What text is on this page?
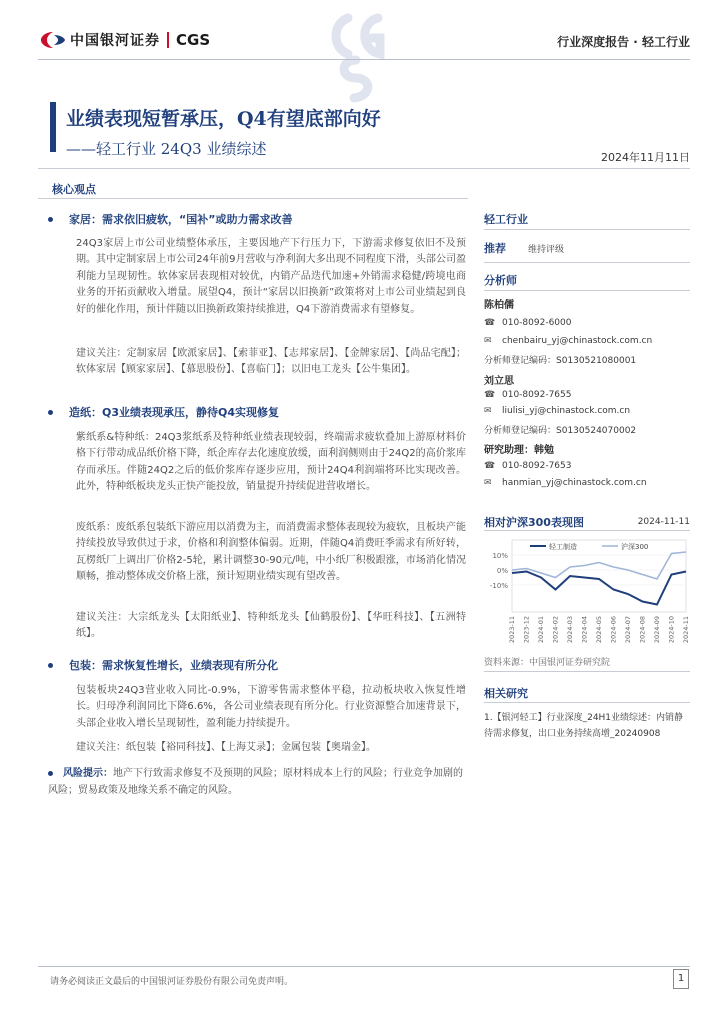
中国银河证券 CGS	行业深度报告 · 轻工行业
业绩表现短暂承压，Q4有望底部向好
——轻工行业 24Q3 业绩综述	2024年11月11日
核心观点
家居：需求依旧疲软，“国补”或助力需求改善
24Q3家居上市公司业绩整体承压，主要因地产下行压力下，下游需求修复依旧不及预期。其中定制家居上市公司24年前9月营收与净利润大多出现不同程度下滑，头部公司盈利能力呈现韧性。软体家居表现相对较优，内销产品迭代加速+外销需求稳健/跨境电商业务的开拓贡献收入增量。展望Q4，预计“家居以旧换新”政策将对上市公司业绩起到良好的催化作用，预计伴随以旧换新政策持续推进，Q4下游消费需求有望修复。
建议关注：定制家居【欧派家居】、【索菲亚】、【志邦家居】、【金牌家居】、【尚品宅配】；软体家居【顾家家居】、【慕思股份】、【喜临门】；以旧电工龙头【公牛集团】。
造纸：Q3业绩表现承压，静待Q4实现修复
紫纸系&特种纸：24Q3浆纸系及特种纸业绩表现较弱，终端需求疲软叠加上游原材料价格下行带动成品纸价格下降，纸企库存去化速度放缓，面利润侧则由于24Q2的高价浆库存而承压。伴随24Q2之后的低价浆库存逐步应用，预计24Q4利润端将环比实现改善。此外，特种纸板块龙头正快产能投放，销量提升持续促进营收增长。
废纸系：废纸系包装纸下游应用以消费为主，而消费需求整体表现较为疲软，且板块产能持续投放导致供过于求，价格和利润整体偏弱。近期，伴随Q4消费旺季需求有所好转，瓦楞纸厂上调出厂价格2-5轮，累计调整30-90元/吨，中小纸厂积极跟涨，市场消化情况顺畅，推动整体成交价格上涨，预计短期业绩实现有望改善。
建议关注：大宗纸龙头【太阳纸业】、特种纸龙头【仙鹤股份】、【华旺科技】、【五洲特纸】。
包装：需求恢复性增长，业绩表现有所分化
包装板块24Q3营业收入同比-0.9%，下游零售需求整体平稳，拉动板块收入恢复性增长。归母净利润同比下降6.6%，各公司业绩表现有所分化。行业资源整合加速背景下，头部企业收入增长呈现韧性，盈利能力持续提升。
建议关注：纸包装【裕同科技】、【上海艾录】；金属包装【奥瑞金】。
风险提示：地产下行致需求修复不及预期的风险；原材料成本上行的风险；行业竞争加剧的风险；贸易政策及地缘关系不确定的风险。
轻工行业
推荐 维持评级
分析师
陈柏儒
☎ 010-8092-6000
✉	chenbairu_yj@chinastock.com.cn
分析师登记编码：S0130521080001
刘立思
☎ 010-8092-7655
✉	liulisi_yj@chinastock.com.cn
分析师登记编码：S0130524070002
研究助理：韩勉
☎ 010-8092-7653
✉	hanmian_yj@chinastock.com.cn
相对沪深300表现图	2024-11-11
10%
0%
-10%
轻工制造	沪深300
2023-11 2023-12 2024-01 2024-02 2024-03 2024-04 2024-05 2024-06 2024-07 2024-08 2024-09 2024-10 2024-11
资料来源：中国银河证券研究院
相关研究
1.【银河轻工】行业深度_24H1业绩综述：内销静待需求修复，出口业务持续高增_20240908
请务必阅读正文最后的中国银河证券股份有限公司免责声明。	1
